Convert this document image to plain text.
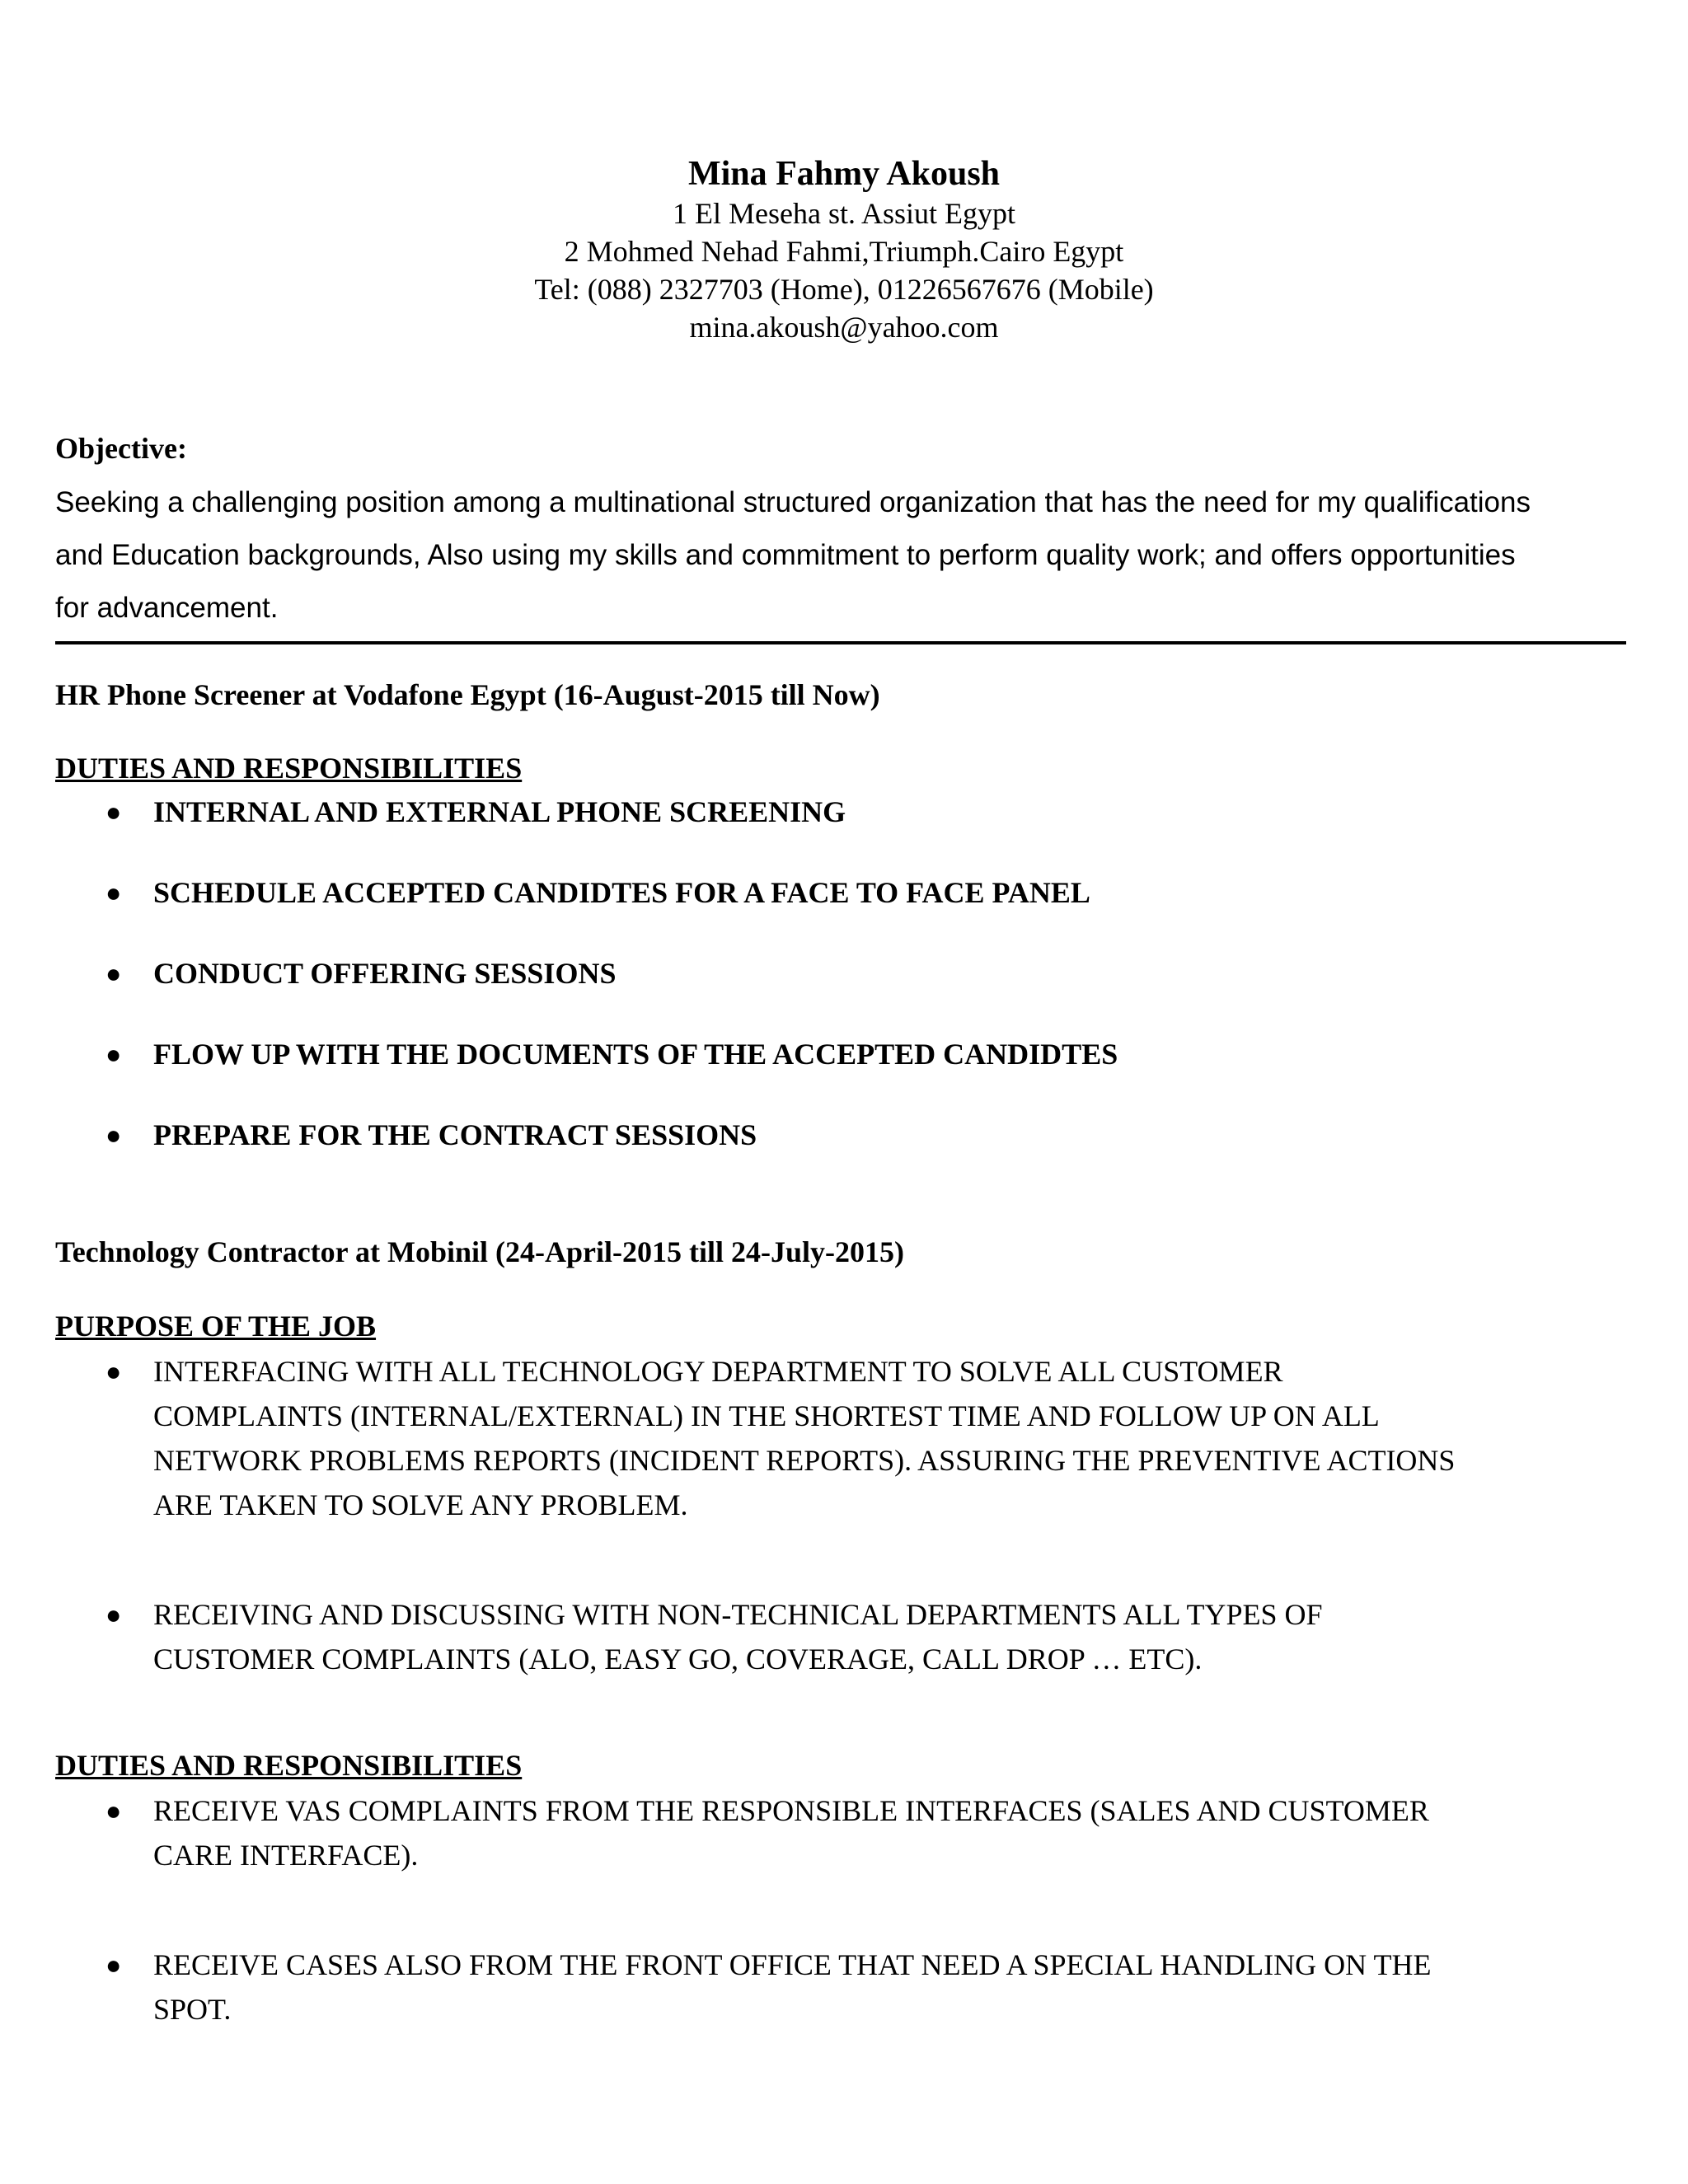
Mina Fahmy Akoush
1 El Meseha st. Assiut Egypt
2 Mohmed Nehad Fahmi,Triumph.Cairo Egypt
Tel: (088) 2327703 (Home), 01226567676 (Mobile)
mina.akoush@yahoo.com
Objective:
Seeking a challenging position among a multinational structured organization that has the need for my qualifications
and Education backgrounds, Also using my skills and commitment to perform quality work; and offers opportunities
for advancement.
HR Phone Screener at Vodafone Egypt (16-August-2015 till Now)
DUTIES AND RESPONSIBILITIES
● INTERNAL AND EXTERNAL PHONE SCREENING
● SCHEDULE ACCEPTED CANDIDTES FOR A FACE TO FACE PANEL
● CONDUCT OFFERING SESSIONS
● FLOW UP WITH THE DOCUMENTS OF THE ACCEPTED CANDIDTES
● PREPARE FOR THE CONTRACT SESSIONS
Technology Contractor at Mobinil (24-April-2015 till 24-July-2015)
PURPOSE OF THE JOB
● INTERFACING WITH ALL TECHNOLOGY DEPARTMENT TO SOLVE ALL CUSTOMER
COMPLAINTS (INTERNAL/EXTERNAL) IN THE SHORTEST TIME AND FOLLOW UP ON ALL
NETWORK PROBLEMS REPORTS (INCIDENT REPORTS). ASSURING THE PREVENTIVE ACTIONS
ARE TAKEN TO SOLVE ANY PROBLEM.
● RECEIVING AND DISCUSSING WITH NON-TECHNICAL DEPARTMENTS ALL TYPES OF
CUSTOMER COMPLAINTS (ALO, EASY GO, COVERAGE, CALL DROP … ETC).
DUTIES AND RESPONSIBILITIES
● RECEIVE VAS COMPLAINTS FROM THE RESPONSIBLE INTERFACES (SALES AND CUSTOMER
CARE INTERFACE).
● RECEIVE CASES ALSO FROM THE FRONT OFFICE THAT NEED A SPECIAL HANDLING ON THE
SPOT.
